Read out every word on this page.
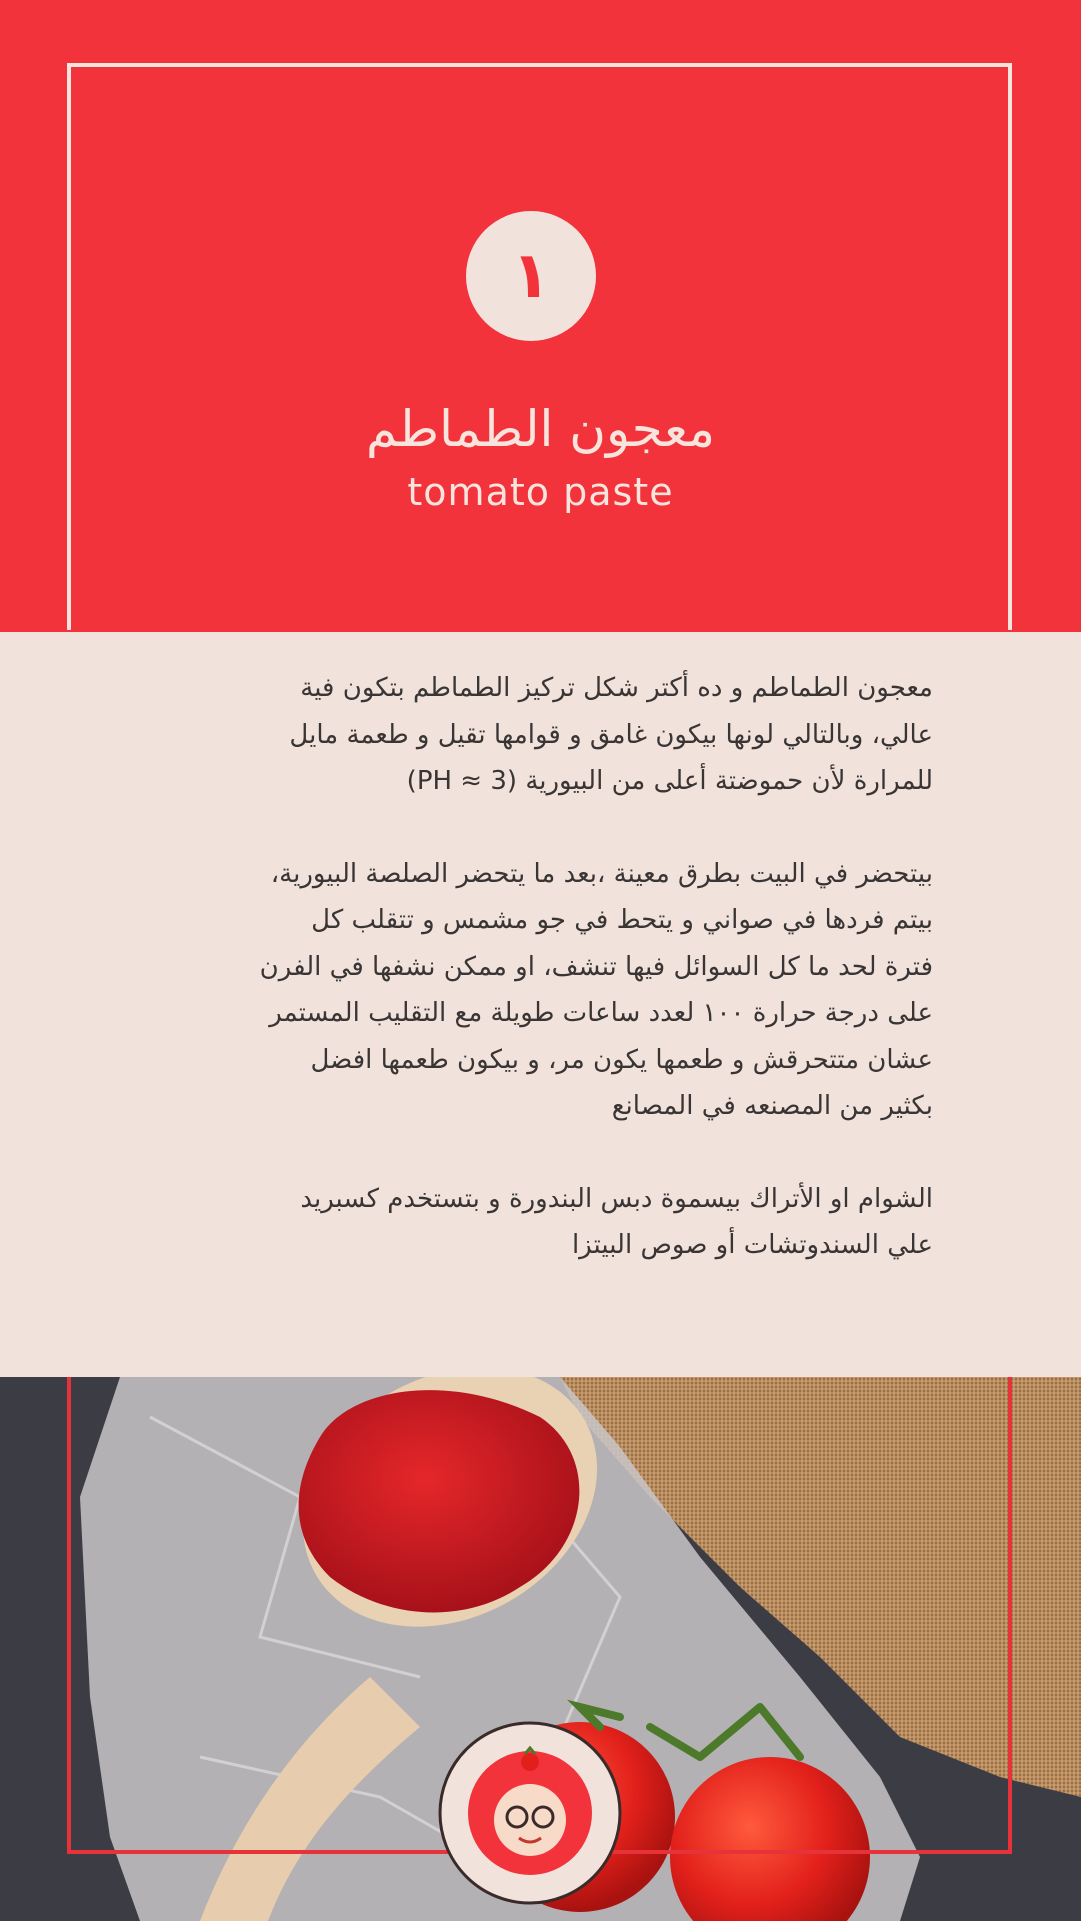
١
معجون الطماطم
tomato paste

معجون الطماطم و ده أكتر شكل تركيز الطماطم بتكون فية
عالي، وبالتالي لونها بيكون غامق و قوامها تقيل و طعمة مايل
للمرارة لأن حموضتة أعلى من البيورية (PH ≈ 3)

بيتحضر في البيت بطرق معينة ،بعد ما يتحضر الصلصة البيورية،
بيتم فردها في صواني و يتحط في جو مشمس و تتقلب كل
فترة لحد ما كل السوائل فيها تنشف، او ممكن نشفها في الفرن
على درجة حرارة ١٠٠ لعدد ساعات طويلة مع التقليب المستمر
عشان متتحرقش و طعمها يكون مر، و بيكون طعمها افضل
بكثير من المصنعه في المصانع

الشوام او الأتراك بيسموة دبس البندورة و بتستخدم كسبريد
علي السندوتشات أو صوص البيتزا
